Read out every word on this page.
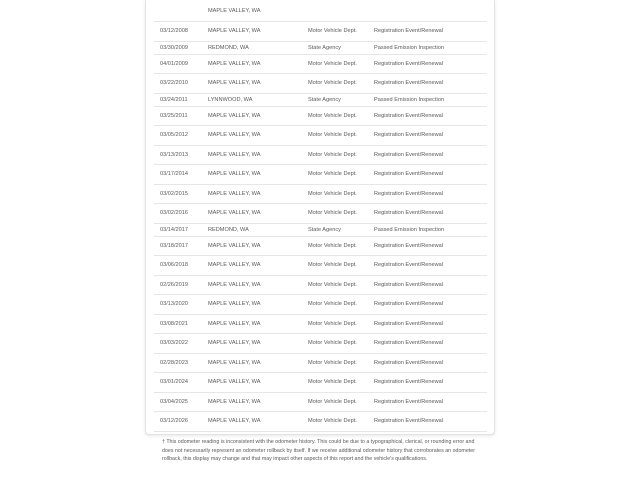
MAPLE VALLEY, WA
03/12/2008	MAPLE VALLEY, WA	Motor Vehicle Dept.	Registration Event/Renewal
03/30/2009	REDMOND, WA	State Agency	Passed Emission Inspection
04/01/2009	MAPLE VALLEY, WA	Motor Vehicle Dept.	Registration Event/Renewal
03/22/2010	MAPLE VALLEY, WA	Motor Vehicle Dept.	Registration Event/Renewal
03/24/2011	LYNNWOOD, WA	State Agency	Passed Emission Inspection
03/25/2011	MAPLE VALLEY, WA	Motor Vehicle Dept.	Registration Event/Renewal
03/05/2012	MAPLE VALLEY, WA	Motor Vehicle Dept.	Registration Event/Renewal
03/13/2013	MAPLE VALLEY, WA	Motor Vehicle Dept.	Registration Event/Renewal
03/17/2014	MAPLE VALLEY, WA	Motor Vehicle Dept.	Registration Event/Renewal
03/02/2015	MAPLE VALLEY, WA	Motor Vehicle Dept.	Registration Event/Renewal
03/02/2016	MAPLE VALLEY, WA	Motor Vehicle Dept.	Registration Event/Renewal
03/14/2017	REDMOND, WA	State Agency	Passed Emission Inspection
03/18/2017	MAPLE VALLEY, WA	Motor Vehicle Dept.	Registration Event/Renewal
03/06/2018	MAPLE VALLEY, WA	Motor Vehicle Dept.	Registration Event/Renewal
02/26/2019	MAPLE VALLEY, WA	Motor Vehicle Dept.	Registration Event/Renewal
03/13/2020	MAPLE VALLEY, WA	Motor Vehicle Dept.	Registration Event/Renewal
03/08/2021	MAPLE VALLEY, WA	Motor Vehicle Dept.	Registration Event/Renewal
03/03/2022	MAPLE VALLEY, WA	Motor Vehicle Dept.	Registration Event/Renewal
02/28/2023	MAPLE VALLEY, WA	Motor Vehicle Dept.	Registration Event/Renewal
03/01/2024	MAPLE VALLEY, WA	Motor Vehicle Dept.	Registration Event/Renewal
03/04/2025	MAPLE VALLEY, WA	Motor Vehicle Dept.	Registration Event/Renewal
03/12/2026	MAPLE VALLEY, WA	Motor Vehicle Dept.	Registration Event/Renewal
† This odometer reading is inconsistent with the odometer history. This could be due to a typographical, clerical, or rounding error and does not necessarily represent an odometer rollback by itself. If we receive additional odometer history that corroborates an odometer rollback, this display may change and that may impact other aspects of this report and the vehicle's qualifications.
